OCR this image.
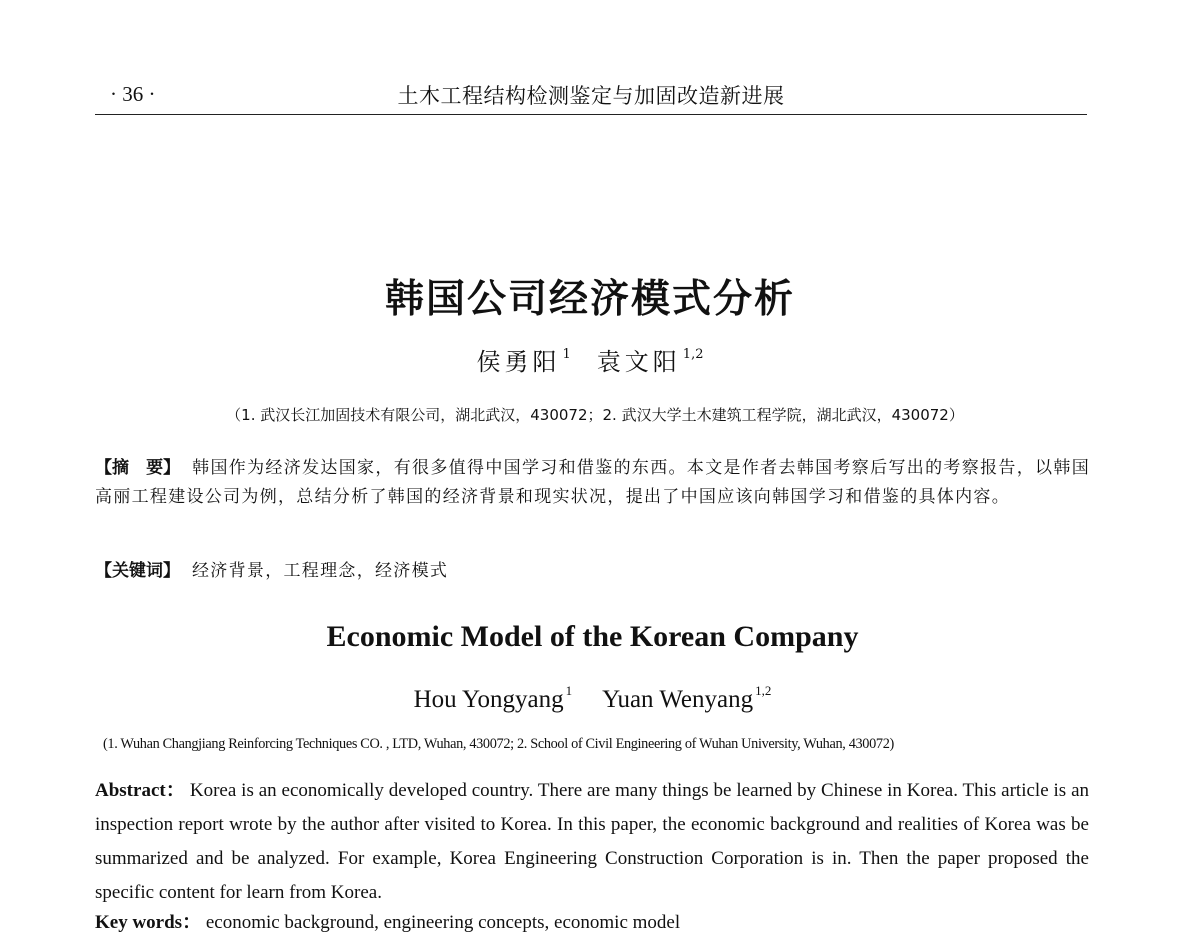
· 36 ·	土木工程结构检测鉴定与加固改造新进展
韩国公司经济模式分析
侯勇阳 $^1$ 袁文阳 $^{1,2}$
（1. 武汉长江加固技术有限公司，湖北武汉，430072；2. 武汉大学土木建筑工程学院，湖北武汉，430072）
【摘　要】 韩国作为经济发达国家，有很多值得中国学习和借鉴的东西。本文是作者去韩国考察后写出的考察报告，以韩国高丽工程建设公司为例，总结分析了韩国的经济背景和现实状况，提出了中国应该向韩国学习和借鉴的具体内容。
【关键词】 经济背景，工程理念，经济模式
Economic Model of the Korean Company
Hou Yongyang $^1$ Yuan Wenyang $^{1,2}$
(1. Wuhan Changjiang Reinforcing Techniques CO. , LTD, Wuhan, 430072; 2. School of Civil Engineering of Wuhan University, Wuhan, 430072)
Abstract： Korea is an economically developed country. There are many things be learned by Chinese in Korea. This article is an inspection report wrote by the author after visited to Korea. In this paper, the economic background and realities of Korea was be summarized and be analyzed. For example, Korea Engineering Construction Corporation is in. Then the paper proposed the specific content for learn from Korea.
Key words： economic background, engineering concepts, economic model
